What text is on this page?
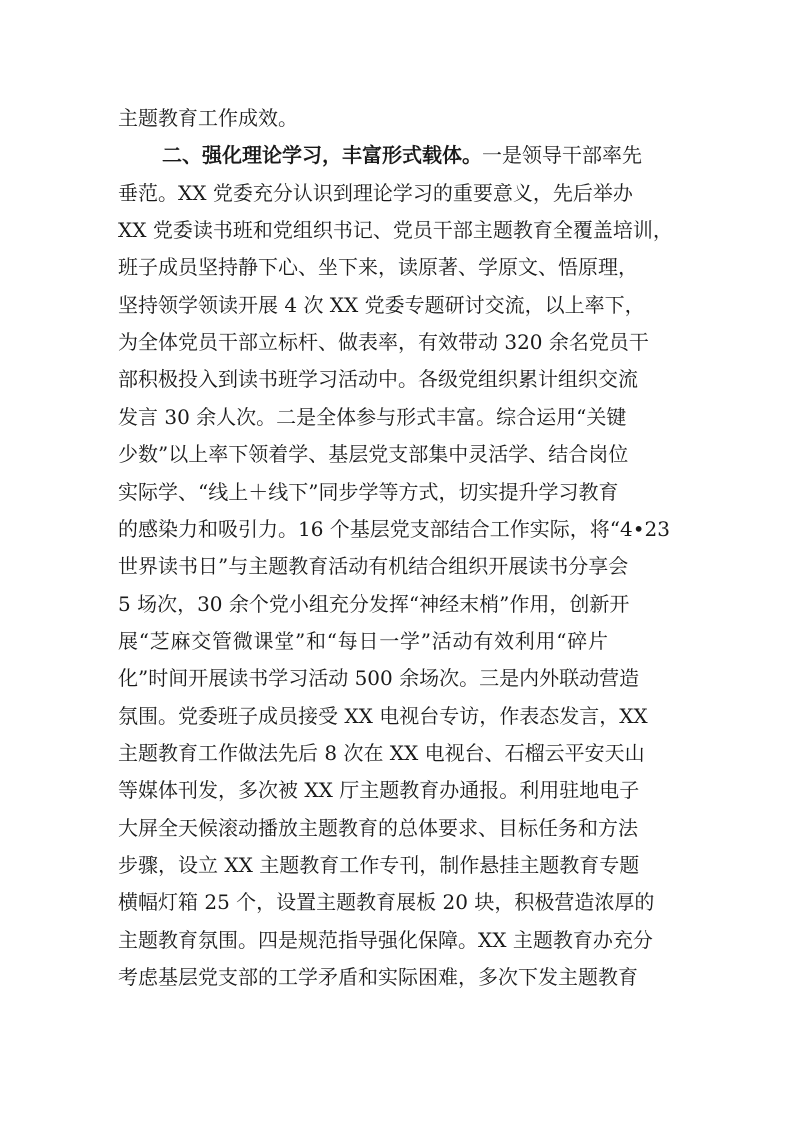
主题教育工作成效。
二、强化理论学习，丰富形式载体。一是领导干部率先
垂范。XX 党委充分认识到理论学习的重要意义，先后举办
XX 党委读书班和党组织书记、党员干部主题教育全覆盖培训，
班子成员坚持静下心、坐下来，读原著、学原文、悟原理，
坚持领学领读开展 4 次 XX 党委专题研讨交流，以上率下，
为全体党员干部立标杆、做表率，有效带动 320 余名党员干
部积极投入到读书班学习活动中。各级党组织累计组织交流
发言 30 余人次。二是全体参与形式丰富。综合运用“关键
少数”以上率下领着学、基层党支部集中灵活学、结合岗位
实际学、“线上＋线下”同步学等方式，切实提升学习教育
的感染力和吸引力。16 个基层党支部结合工作实际，将“4•23
世界读书日”与主题教育活动有机结合组织开展读书分享会
5 场次，30 余个党小组充分发挥“神经末梢”作用，创新开
展“芝麻交管微课堂”和“每日一学”活动有效利用“碎片
化”时间开展读书学习活动 500 余场次。三是内外联动营造
氛围。党委班子成员接受 XX 电视台专访，作表态发言，XX
主题教育工作做法先后 8 次在 XX 电视台、石榴云平安天山
等媒体刊发，多次被 XX 厅主题教育办通报。利用驻地电子
大屏全天候滚动播放主题教育的总体要求、目标任务和方法
步骤，设立 XX 主题教育工作专刊，制作悬挂主题教育专题
横幅灯箱 25 个，设置主题教育展板 20 块，积极营造浓厚的
主题教育氛围。四是规范指导强化保障。XX 主题教育办充分
考虑基层党支部的工学矛盾和实际困难，多次下发主题教育
